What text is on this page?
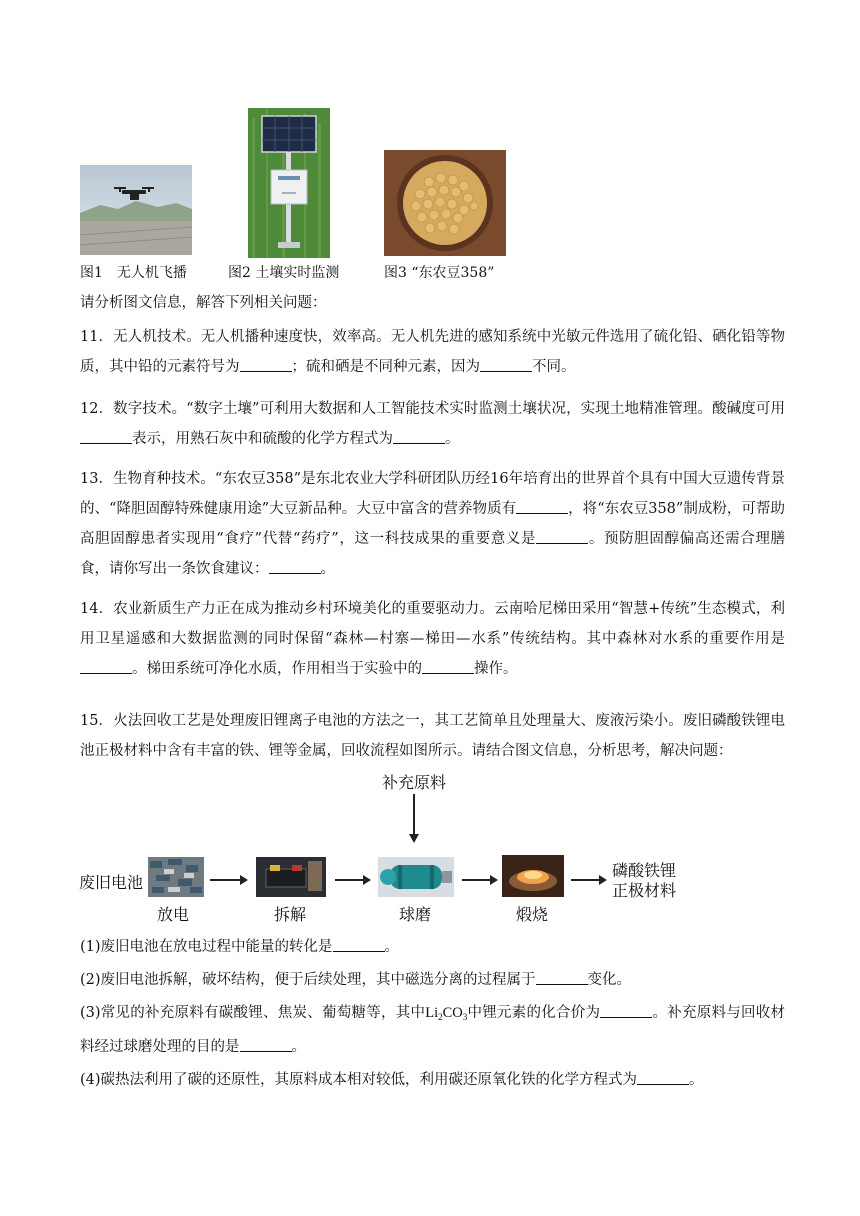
图1　无人机飞播	图2 土壤实时监测	图3 “东农豆358”
请分析图文信息，解答下列相关问题：
11．无人机技术。无人机播种速度快，效率高。无人机先进的感知系统中光敏元件选用了硫化铅、硒化铅等物质，其中铅的元素符号为	；硫和硒是不同种元素，因为	不同。
12．数字技术。“数字土壤”可利用大数据和人工智能技术实时监测土壤状况，实现土地精准管理。酸碱度可用表示，用熟石灰中和硫酸的化学方程式为	。
13．生物育种技术。“东农豆358”是东北农业大学科研团队历经16年培育出的世界首个具有中国大豆遗传背景的、“降胆固醇特殊健康用途”大豆新品种。大豆中富含的营养物质有	，将“东农豆358”制成粉，可帮助高胆固醇患者实现用“食疗”代替“药疗”，这一科技成果的重要意义是	。预防胆固醇偏高还需合理膳食，请你写出一条饮食建议：	。
14．农业新质生产力正在成为推动乡村环境美化的重要驱动力。云南哈尼梯田采用“智慧+传统”生态模式，利用卫星遥感和大数据监测的同时保留“森林—村寨—梯田—水系”传统结构。其中森林对水系的重要作用是。梯田系统可净化水质，作用相当于实验中的	操作。
15．火法回收工艺是处理废旧锂离子电池的方法之一，其工艺简单且处理量大、废液污染小。废旧磷酸铁锂电池正极材料中含有丰富的铁、锂等金属，回收流程如图所示。请结合图文信息，分析思考，解决问题：
补充原料
废旧电池
磷酸铁锂
正极材料
放电	拆解	球磨	煅烧
(1)废旧电池在放电过程中能量的转化是	。
(2)废旧电池拆解，破坏结构，便于后续处理，其中磁选分离的过程属于	变化。
(3)常见的补充原料有碳酸锂、焦炭、葡萄糖等，其中$Li_2CO_3$中锂元素的化合价为	。补充原料与回收材料经过球磨处理的目的是	。
(4)碳热法利用了碳的还原性，其原料成本相对较低，利用碳还原氧化铁的化学方程式为	。
